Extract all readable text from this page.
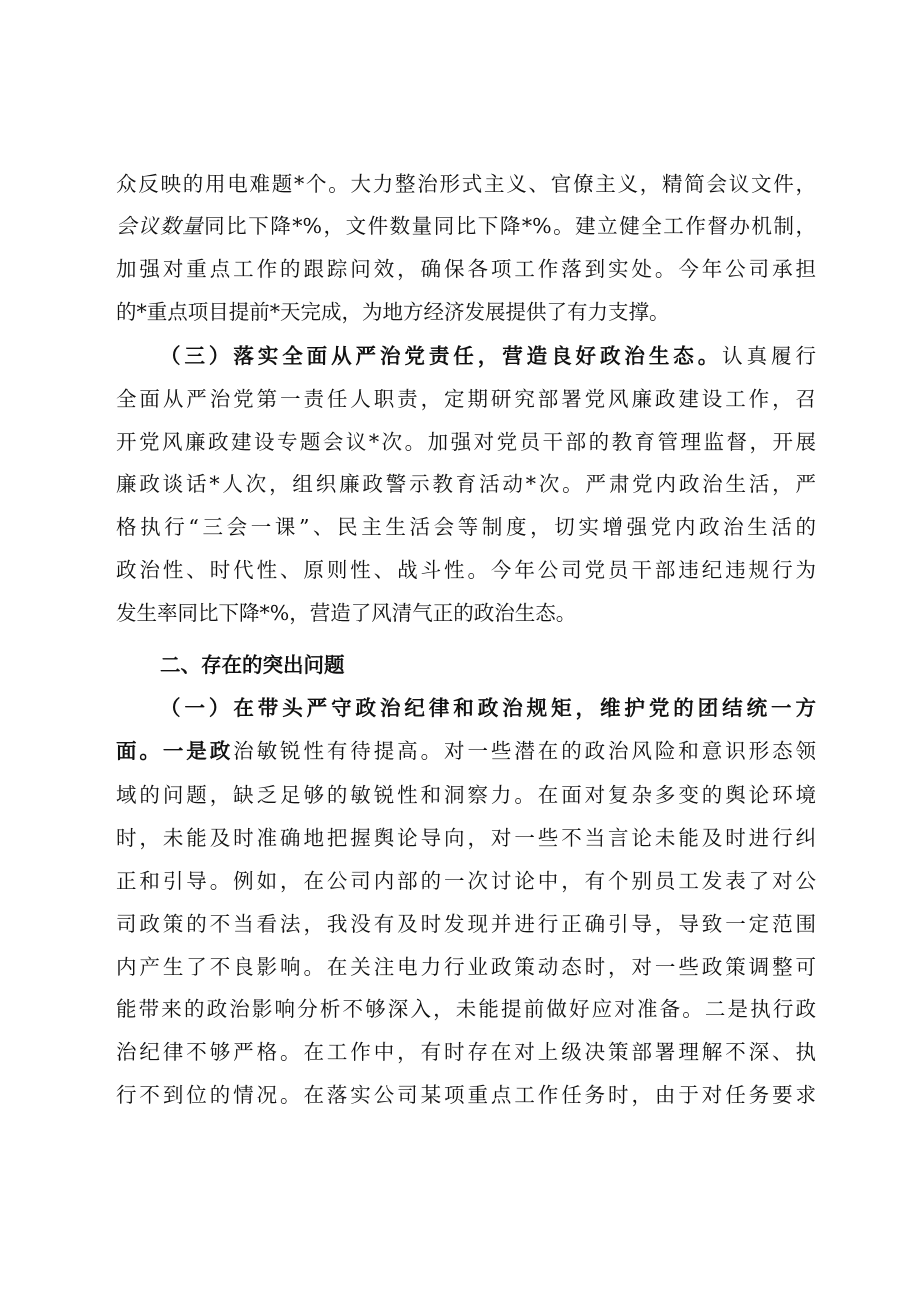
众反映的用电难题*个。大力整治形式主义、官僚主义，精简会议文件，
会议数量同比下降*%，文件数量同比下降*%。建立健全工作督办机制，
加强对重点工作的跟踪问效，确保各项工作落到实处。今年公司承担
的*重点项目提前*天完成，为地方经济发展提供了有力支撑。
（三）落实全面从严治党责任，营造良好政治生态。认真履行
全面从严治党第一责任人职责，定期研究部署党风廉政建设工作，召
开党风廉政建设专题会议*次。加强对党员干部的教育管理监督，开展
廉政谈话*人次，组织廉政警示教育活动*次。严肃党内政治生活，严
格执行“三会一课”、民主生活会等制度，切实增强党内政治生活的
政治性、时代性、原则性、战斗性。今年公司党员干部违纪违规行为
发生率同比下降*%，营造了风清气正的政治生态。
二、存在的突出问题
（一）在带头严守政治纪律和政治规矩，维护党的团结统一方
面。一是政治敏锐性有待提高。对一些潜在的政治风险和意识形态领
域的问题，缺乏足够的敏锐性和洞察力。在面对复杂多变的舆论环境
时，未能及时准确地把握舆论导向，对一些不当言论未能及时进行纠
正和引导。例如，在公司内部的一次讨论中，有个别员工发表了对公
司政策的不当看法，我没有及时发现并进行正确引导，导致一定范围
内产生了不良影响。在关注电力行业政策动态时，对一些政策调整可
能带来的政治影响分析不够深入，未能提前做好应对准备。二是执行政
治纪律不够严格。在工作中，有时存在对上级决策部署理解不深、执
行不到位的情况。在落实公司某项重点工作任务时，由于对任务要求
